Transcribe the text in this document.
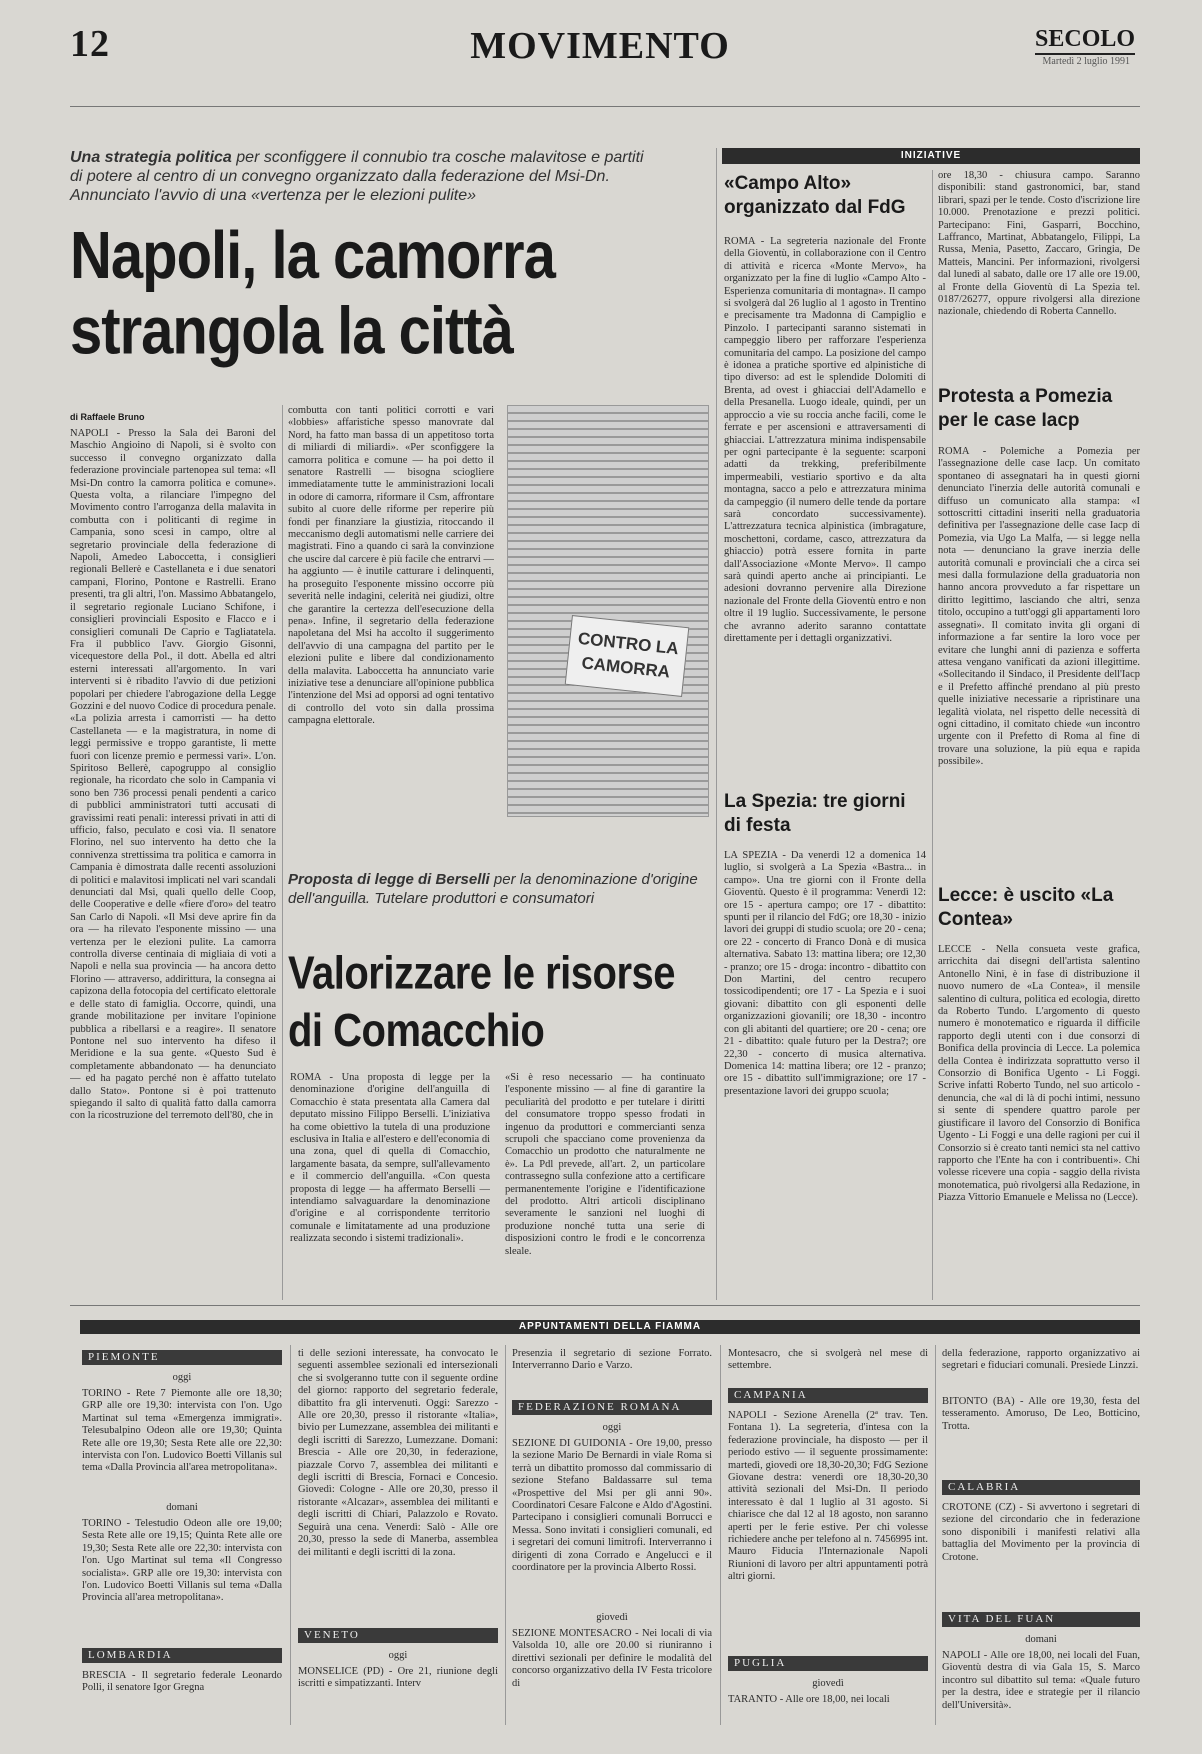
12	MOVIMENTO	SECOLO
Martedì 2 luglio 1991
Una strategia politica per sconfiggere il connubio tra cosche malavitose e partiti di potere al centro di un convegno organizzato dalla federazione del Msi-Dn. Annunciato l'avvio di una «vertenza per le elezioni pulite»
Napoli, la camorra strangola la città
di Raffaele Bruno
NAPOLI - Presso la Sala dei Baroni del Maschio Angioino di Napoli, si è svolto con successo il convegno organizzato dalla federazione provinciale partenopea sul tema: «Il Msi-Dn contro la camorra politica e comune». Questa volta, a rilanciare l'impegno del Movimento contro l'arroganza della malavita in combutta con i politicanti di regime in Campania, sono scesi in campo, oltre al segretario provinciale della federazione di Napoli, Amedeo Laboccetta, i consiglieri regionali Bellerè e Castellaneta e i due senatori campani, Florino, Pontone e Rastrelli. Erano presenti, tra gli altri, l'on. Massimo Abbatangelo, il segretario regionale Luciano Schifone, i consiglieri provinciali Esposito e Flacco e i consiglieri comunali De Caprio e Tagliatatela. Fra il pubblico l'avv. Giorgio Gisonni, vicequestore della Pol., il dott. Abella ed altri esterni interessati all'argomento. In vari interventi si è ribadito l'avvio di due petizioni popolari per chiedere l'abrogazione della Legge Gozzini e del nuovo Codice di procedura penale. «La polizia arresta i camorristi — ha detto Castellaneta — e la magistratura, in nome di leggi permissive e troppo garantiste, li mette fuori con licenze premio e permessi vari». L'on. Spiritoso Bellerè, capogruppo al consiglio regionale, ha ricordato che solo in Campania vi sono ben 736 processi penali pendenti a carico di pubblici amministratori tutti accusati di gravissimi reati penali: interessi privati in atti di ufficio, falso, peculato e così via. Il senatore Florino, nel suo intervento ha detto che la connivenza strettissima tra politica e camorra in Campania è dimostrata dalle recenti assoluzioni di politici e malavitosi implicati nel vari scandali denunciati dal Msi, quali quello delle Coop, delle Cooperative e delle «fiere d'oro» del teatro San Carlo di Napoli. «Il Msi deve aprire fin da ora — ha rilevato l'esponente missino — una vertenza per le elezioni pulite. La camorra controlla diverse centinaia di migliaia di voti a Napoli e nella sua provincia — ha ancora detto Florino — attraverso, addirittura, la consegna ai capizona della fotocopia del certificato elettorale e delle stato di famiglia. Occorre, quindi, una grande mobilitazione per invitare l'opinione pubblica a ribellarsi e a reagire». Il senatore Pontone nel suo intervento ha difeso il Meridione e la sua gente. «Questo Sud è completamente abbandonato — ha denunciato — ed ha pagato perché non è affatto tutelato dallo Stato». Pontone si è poi trattenuto spiegando il salto di qualità fatto dalla camorra con la ricostruzione del terremoto dell'80, che in
combutta con tanti politici corrotti e vari «lobbies» affaristiche spesso manovrate dal Nord, ha fatto man bassa di un appetitoso torta di miliardi di miliardi». «Per sconfiggere la camorra politica e comune — ha poi detto il senatore Rastrelli — bisogna sciogliere immediatamente tutte le amministrazioni locali in odore di camorra, riformare il Csm, affrontare subito al cuore delle riforme per reperire più fondi per finanziare la giustizia, ritoccando il meccanismo degli automatismi nelle carriere dei magistrati. Fino a quando ci sarà la convinzione che uscire dal carcere è più facile che entrarvi — ha aggiunto — è inutile catturare i delinquenti, ha proseguito l'esponente missino occorre più severità nelle indagini, celerità nei giudizi, oltre che garantire la certezza dell'esecuzione della pena». Infine, il segretario della federazione napoletana del Msi ha accolto il suggerimento dell'avvio di una campagna del partito per le elezioni pulite e libere dal condizionamento della malavita. Laboccetta ha annunciato varie iniziative tese a denunciare all'opinione pubblica l'intenzione del Msi ad opporsi ad ogni tentativo di controllo del voto sin dalla prossima campagna elettorale.
CONTRO LA CAMORRA
Proposta di legge di Berselli per la denominazione d'origine dell'anguilla. Tutelare produttori e consumatori
Valorizzare le risorse di Comacchio
ROMA - Una proposta di legge per la denominazione d'origine dell'anguilla di Comacchio è stata presentata alla Camera dal deputato missino Filippo Berselli. L'iniziativa ha come obiettivo la tutela di una produzione esclusiva in Italia e all'estero e dell'economia di una zona, quel di quella di Comacchio, largamente basata, da sempre, sull'allevamento e il commercio dell'anguilla. «Con questa proposta di legge — ha affermato Berselli — intendiamo salvaguardare la denominazione d'origine e al corrispondente territorio comunale e limitatamente ad una produzione realizzata secondo i sistemi tradizionali».
«Si è reso necessario — ha continuato l'esponente missino — al fine di garantire la peculiarità del prodotto e per tutelare i diritti del consumatore troppo spesso frodati in ingenuo da produttori e commercianti senza scrupoli che spacciano come provenienza da Comacchio un prodotto che naturalmente ne è». La Pdl prevede, all'art. 2, un particolare contrassegno sulla confezione atto a certificare permanentemente l'origine e l'identificazione del prodotto. Altri articoli disciplinano severamente le sanzioni nel luoghi di produzione nonché tutta una serie di disposizioni contro le frodi e le concorrenza sleale.
INIZIATIVE
«Campo Alto» organizzato dal FdG
ROMA - La segreteria nazionale del Fronte della Gioventù, in collaborazione con il Centro di attività e ricerca «Monte Mervo», ha organizzato per la fine di luglio «Campo Alto - Esperienza comunitaria di montagna». Il campo si svolgerà dal 26 luglio al 1 agosto in Trentino e precisamente tra Madonna di Campiglio e Pinzolo. I partecipanti saranno sistemati in campeggio libero per rafforzare l'esperienza comunitaria del campo. La posizione del campo è idonea a pratiche sportive ed alpinistiche di tipo diverso: ad est le splendide Dolomiti di Brenta, ad ovest i ghiacciai dell'Adamello e della Presanella. Luogo ideale, quindi, per un approccio a vie su roccia anche facili, come le ferrate e per ascensioni e attraversamenti di ghiacciai. L'attrezzatura minima indispensabile per ogni partecipante è la seguente: scarponi adatti da trekking, preferibilmente impermeabili, vestiario sportivo e da alta montagna, sacco a pelo e attrezzatura minima da campeggio (il numero delle tende da portare sarà concordato successivamente). L'attrezzatura tecnica alpinistica (imbragature, moschettoni, cordame, casco, attrezzatura da ghiaccio) potrà essere fornita in parte dall'Associazione «Monte Mervo». Il campo sarà quindi aperto anche ai principianti. Le adesioni dovranno pervenire alla Direzione nazionale del Fronte della Gioventù entro e non oltre il 19 luglio. Successivamente, le persone che avranno aderito saranno contattate direttamente per i dettagli organizzativi.
La Spezia: tre giorni di festa
LA SPEZIA - Da venerdì 12 a domenica 14 luglio, si svolgerà a La Spezia «Bastra... in campo». Una tre giorni con il Fronte della Gioventù. Questo è il programma: Venerdì 12: ore 15 - apertura campo; ore 17 - dibattito: spunti per il rilancio del FdG; ore 18,30 - inizio lavori dei gruppi di studio scuola; ore 20 - cena; ore 22 - concerto di Franco Donà e di musica alternativa. Sabato 13: mattina libera; ore 12,30 - pranzo; ore 15 - droga: incontro - dibattito con Don Martini, del centro recupero tossicodipendenti; ore 17 - La Spezia e i suoi giovani: dibattito con gli esponenti delle organizzazioni giovanili; ore 18,30 - incontro con gli abitanti del quartiere; ore 20 - cena; ore 21 - dibattito: quale futuro per la Destra?; ore 22,30 - concerto di musica alternativa. Domenica 14: mattina libera; ore 12 - pranzo; ore 15 - dibattito sull'immigrazione; ore 17 - presentazione lavori dei gruppo scuola;
ore 18,30 - chiusura campo. Saranno disponibili: stand gastronomici, bar, stand librari, spazi per le tende. Costo d'iscrizione lire 10.000. Prenotazione e prezzi politici. Partecipano: Fini, Gasparri, Bocchino, Laffranco, Martinat, Abbatangelo, Filippi, La Russa, Menia, Pasetto, Zaccaro, Gringia, De Matteis, Mancini. Per informazioni, rivolgersi dal lunedì al sabato, dalle ore 17 alle ore 19.00, al Fronte della Gioventù di La Spezia tel. 0187/26277, oppure rivolgersi alla direzione nazionale, chiedendo di Roberta Cannello.
Protesta a Pomezia per le case Iacp
ROMA - Polemiche a Pomezia per l'assegnazione delle case Iacp. Un comitato spontaneo di assegnatari ha in questi giorni denunciato l'inerzia delle autorità comunali e diffuso un comunicato alla stampa: «I sottoscritti cittadini inseriti nella graduatoria definitiva per l'assegnazione delle case Iacp di Pomezia, via Ugo La Malfa, — si legge nella nota — denunciano la grave inerzia delle autorità comunali e provinciali che a circa sei mesi dalla formulazione della graduatoria non hanno ancora provveduto a far rispettare un diritto legittimo, lasciando che altri, senza titolo, occupino a tutt'oggi gli appartamenti loro assegnati». Il comitato invita gli organi di informazione a far sentire la loro voce per evitare che lunghi anni di pazienza e sofferta attesa vengano vanificati da azioni illegittime. «Sollecitando il Sindaco, il Presidente dell'Iacp e il Prefetto affinché prendano al più presto quelle iniziative necessarie a ripristinare una legalità violata, nel rispetto delle necessità di ogni cittadino, il comitato chiede «un incontro urgente con il Prefetto di Roma al fine di trovare una soluzione, la più equa e rapida possibile».
Lecce: è uscito «La Contea»
LECCE - Nella consueta veste grafica, arricchita dai disegni dell'artista salentino Antonello Nini, è in fase di distribuzione il nuovo numero de «La Contea», il mensile salentino di cultura, politica ed ecologia, diretto da Roberto Tundo. L'argomento di questo numero è monotematico e riguarda il difficile rapporto degli utenti con i due consorzi di Bonifica della provincia di Lecce. La polemica della Contea è indirizzata soprattutto verso il Consorzio di Bonifica Ugento - Li Foggi. Scrive infatti Roberto Tundo, nel suo articolo - denuncia, che «al di là di pochi intimi, nessuno si sente di spendere quattro parole per giustificare il lavoro del Consorzio di Bonifica Ugento - Li Foggi e una delle ragioni per cui il Consorzio si è creato tanti nemici sta nel cattivo rapporto che l'Ente ha con i contribuenti». Chi volesse ricevere una copia - saggio della rivista monotematica, può rivolgersi alla Redazione, in Piazza Vittorio Emanuele e Melissa no (Lecce).
APPUNTAMENTI DELLA FIAMMA
PIEMONTE
oggi
TORINO - Rete 7 Piemonte alle ore 18,30; GRP alle ore 19,30: intervista con l'on. Ugo Martinat sul tema «Emergenza immigrati». Telesubalpino Odeon alle ore 19,30; Quinta Rete alle ore 19,30; Sesta Rete alle ore 22,30: intervista con l'on. Ludovico Boetti Villanis sul tema «Dalla Provincia all'area metropolitana».
domani
TORINO - Telestudio Odeon alle ore 19,00; Sesta Rete alle ore 19,15; Quinta Rete alle ore 19,30; Sesta Rete alle ore 22,30: intervista con l'on. Ugo Martinat sul tema «Il Congresso socialista». GRP alle ore 19,30: intervista con l'on. Ludovico Boetti Villanis sul tema «Dalla Provincia all'area metropolitana».
LOMBARDIA
BRESCIA - Il segretario federale Leonardo Polli, il senatore Igor Gregna
ti delle sezioni interessate, ha convocato le seguenti assemblee sezionali ed intersezionali che si svolgeranno tutte con il seguente ordine del giorno: rapporto del segretario federale, dibattito fra gli intervenuti. Oggi: Sarezzo - Alle ore 20,30, presso il ristorante «Italia», bivio per Lumezzane, assemblea dei militanti e degli iscritti di Sarezzo, Lumezzane. Domani: Brescia - Alle ore 20,30, in federazione, piazzale Corvo 7, assemblea dei militanti e degli iscritti di Brescia, Fornaci e Concesio. Giovedì: Cologne - Alle ore 20,30, presso il ristorante «Alcazar», assemblea dei militanti e degli iscritti di Chiari, Palazzolo e Rovato. Seguirà una cena. Venerdì: Salò - Alle ore 20,30, presso la sede di Manerba, assemblea dei militanti e degli iscritti di la zona.
VENETO
oggi
MONSELICE (PD) - Ore 21, riunione degli iscritti e simpatizzanti. Interv
Presenzia il segretario di sezione Forrato. Interverranno Dario e Varzo.
FEDERAZIONE ROMANA
oggi
SEZIONE DI GUIDONIA - Ore 19,00, presso la sezione Mario De Bernardi in viale Roma si terrà un dibattito promosso dal commissario di sezione Stefano Baldassarre sul tema «Prospettive del Msi per gli anni 90». Coordinatori Cesare Falcone e Aldo d'Agostini. Partecipano i consiglieri comunali Borrucci e Messa. Sono invitati i consiglieri comunali, ed i segretari dei comuni limitrofi. Interverranno i dirigenti di zona Corrado e Angelucci e il coordinatore per la provincia Alberto Rossi.
giovedì
SEZIONE MONTESACRO - Nei locali di via Valsolda 10, alle ore 20.00 si riuniranno i direttivi sezionali per definire le modalità del concorso organizzativo della IV Festa tricolore di
Montesacro, che si svolgerà nel mese di settembre.
CAMPANIA
NAPOLI - Sezione Arenella (2ª trav. Ten. Fontana 1). La segreteria, d'intesa con la federazione provinciale, ha disposto — per il periodo estivo — il seguente prossimamente: martedì, giovedì ore 18,30-20,30; FdG Sezione Giovane destra: venerdì ore 18,30-20,30 attività sezionali del Msi-Dn. Il periodo interessato è dal 1 luglio al 31 agosto. Si chiarisce che dal 12 al 18 agosto, non saranno aperti per le ferie estive. Per chi volesse richiedere anche per telefono al n. 7456995 int. Mauro Fiducia l'Internazionale Napoli Riunioni di lavoro per altri appuntamenti potrà altri giorni.
PUGLIA
giovedì
TARANTO - Alle ore 18,00, nei locali
della federazione, rapporto organizzativo ai segretari e fiduciari comunali. Presiede Linzzi.
BITONTO (BA) - Alle ore 19,30, festa del tesseramento. Amoruso, De Leo, Botticino, Trotta.
CALABRIA
CROTONE (CZ) - Si avvertono i segretari di sezione del circondario che in federazione sono disponibili i manifesti relativi alla battaglia del Movimento per la provincia di Crotone.
VITA DEL FUAN
domani
NAPOLI - Alle ore 18,00, nei locali del Fuan, Gioventù destra di via Gala 15, S. Marco incontro sul dibattito sul tema: «Quale futuro per la destra, idee e strategie per il rilancio dell'Università».
